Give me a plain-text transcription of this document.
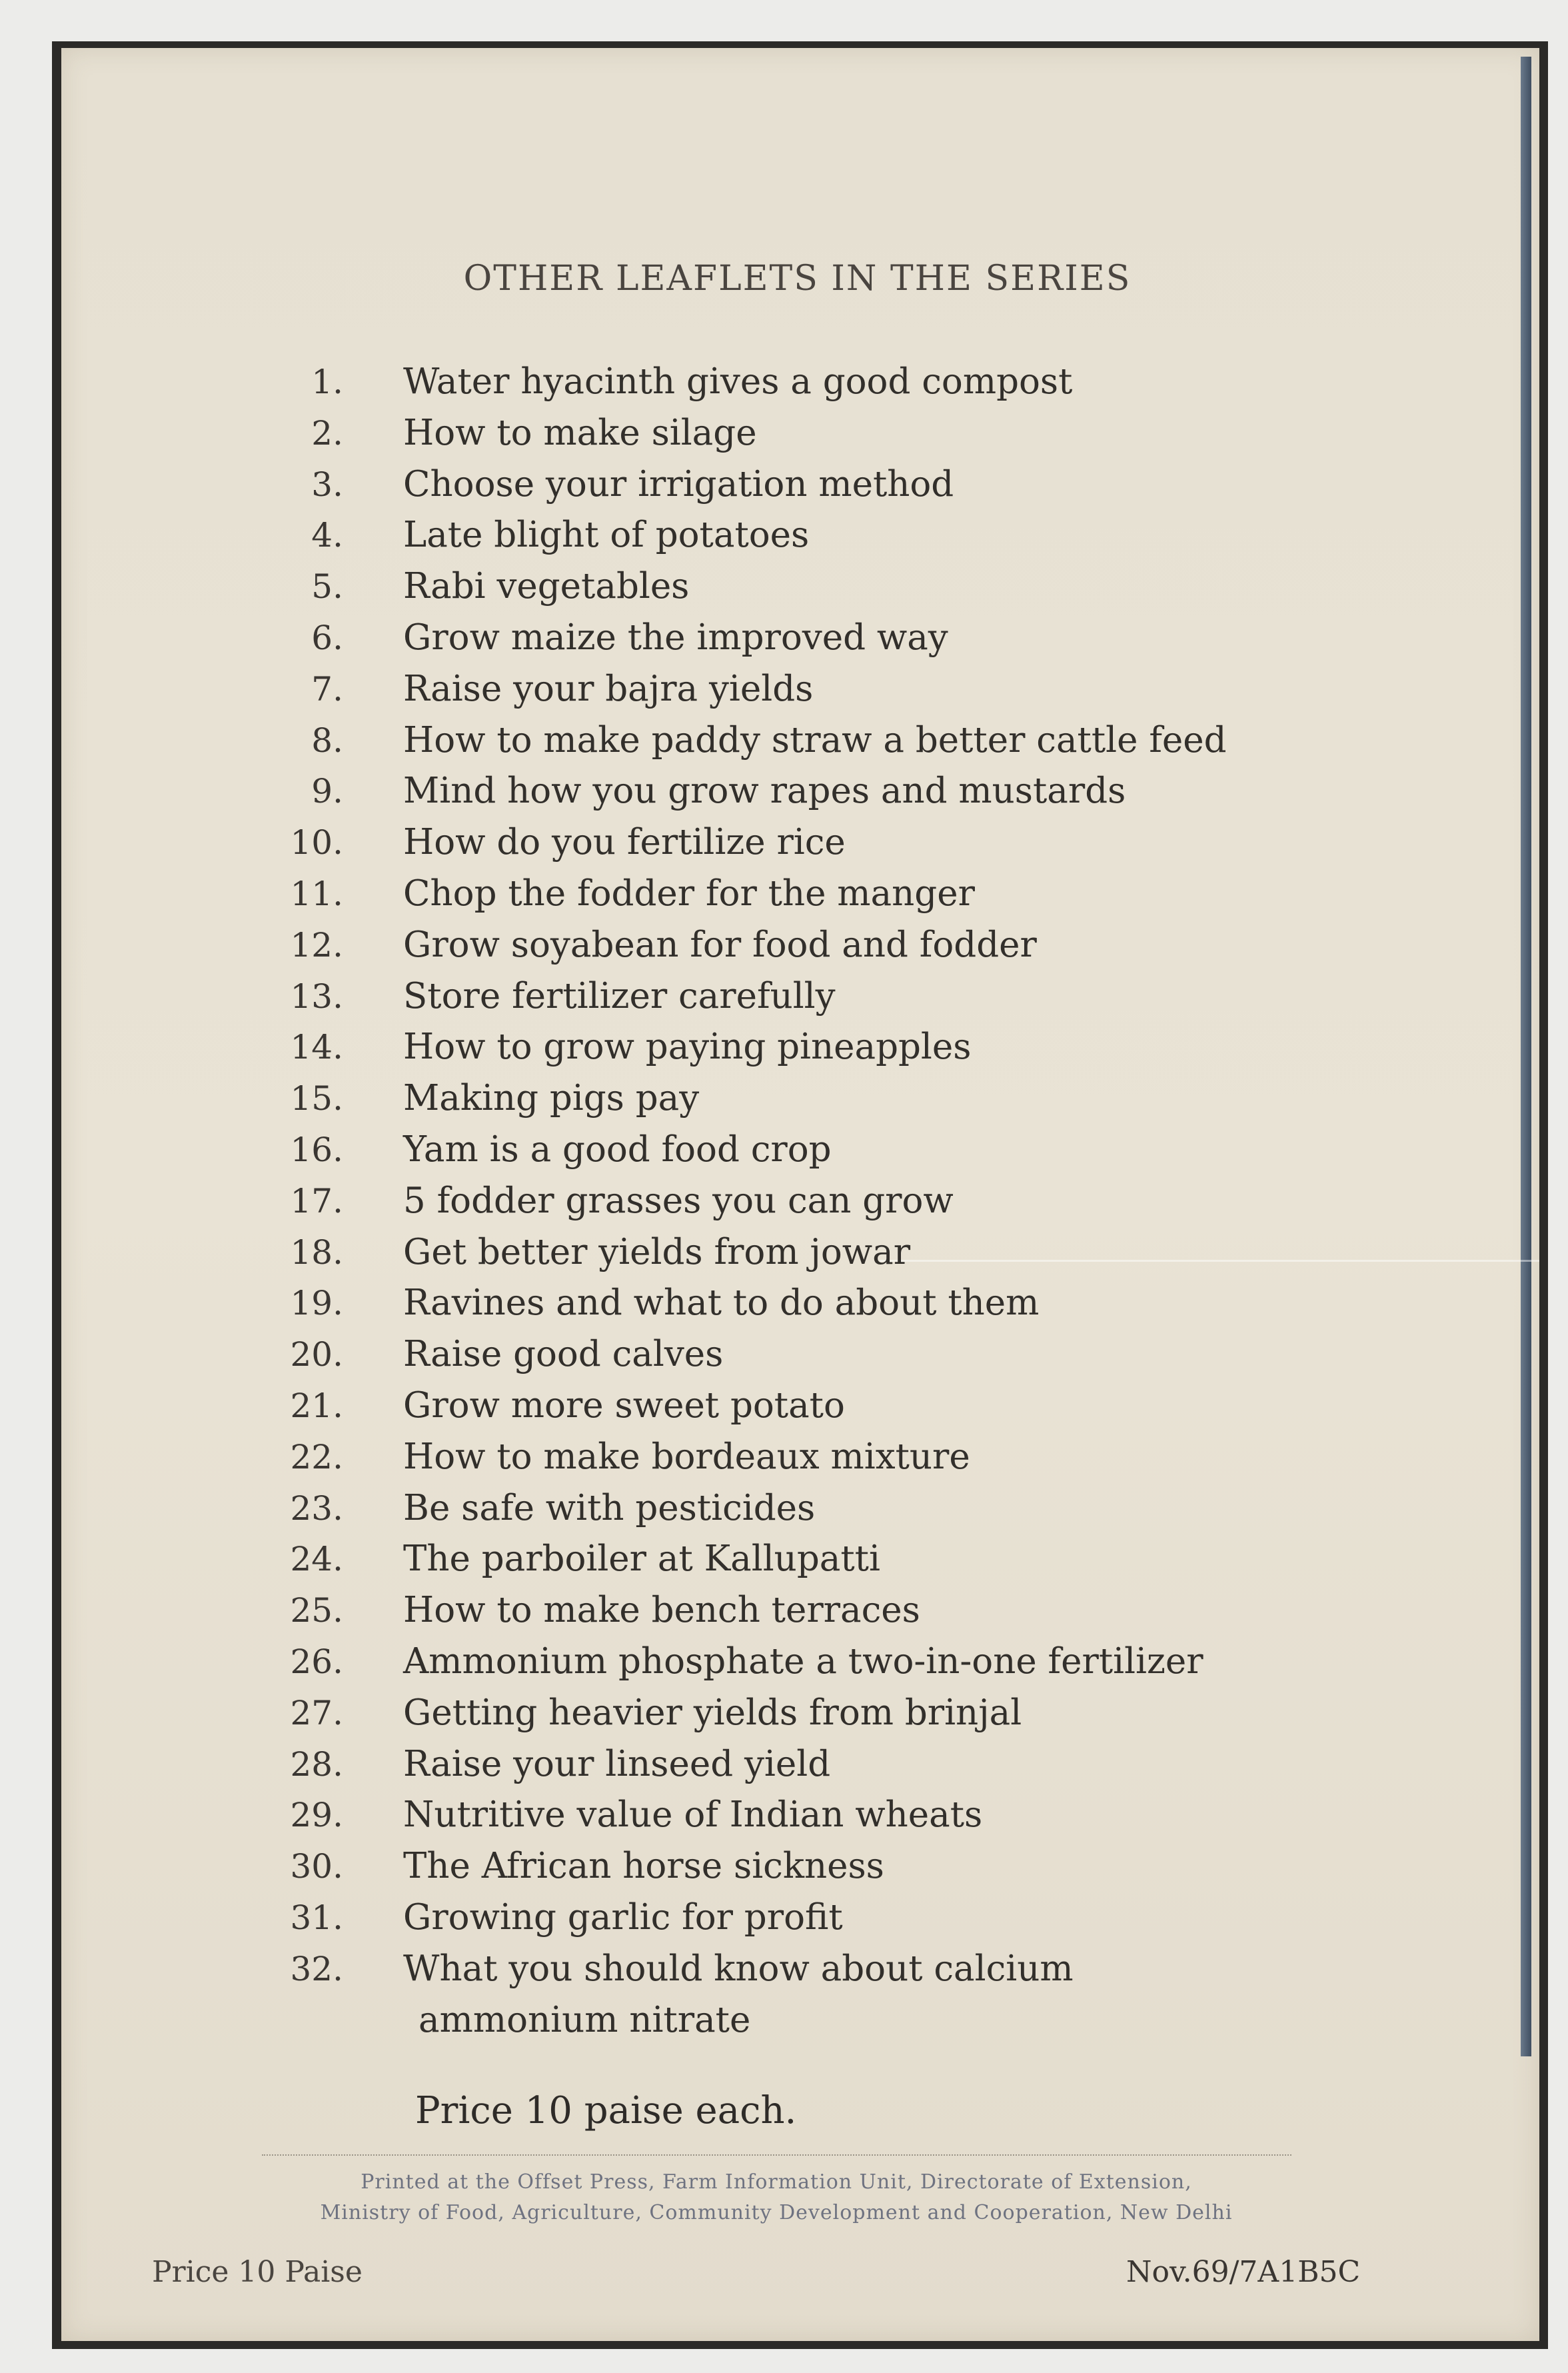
OTHER LEAFLETS IN THE SERIES
1. Water hyacinth gives a good compost
2. How to make silage
3. Choose your irrigation method
4. Late blight of potatoes
5. Rabi vegetables
6. Grow maize the improved way
7. Raise your bajra yields
8. How to make paddy straw a better cattle feed
9. Mind how you grow rapes and mustards
10. How do you fertilize rice
11. Chop the fodder for the manger
12. Grow soyabean for food and fodder
13. Store fertilizer carefully
14. How to grow paying pineapples
15. Making pigs pay
16. Yam is a good food crop
17. 5 fodder grasses you can grow
18. Get better yields from jowar
19. Ravines and what to do about them
20. Raise good calves
21. Grow more sweet potato
22. How to make bordeaux mixture
23. Be safe with pesticides
24. The parboiler at Kallupatti
25. How to make bench terraces
26. Ammonium phosphate a two-in-one fertilizer
27. Getting heavier yields from brinjal
28. Raise your linseed yield
29. Nutritive value of Indian wheats
30. The African horse sickness
31. Growing garlic for profit
32. What you should know about calcium
ammonium nitrate
Price 10 paise each.
Printed at the Offset Press, Farm Information Unit, Directorate of Extension,
Ministry of Food, Agriculture, Community Development and Cooperation, New Delhi
Price 10 Paise	Nov.69/7A1B5C
